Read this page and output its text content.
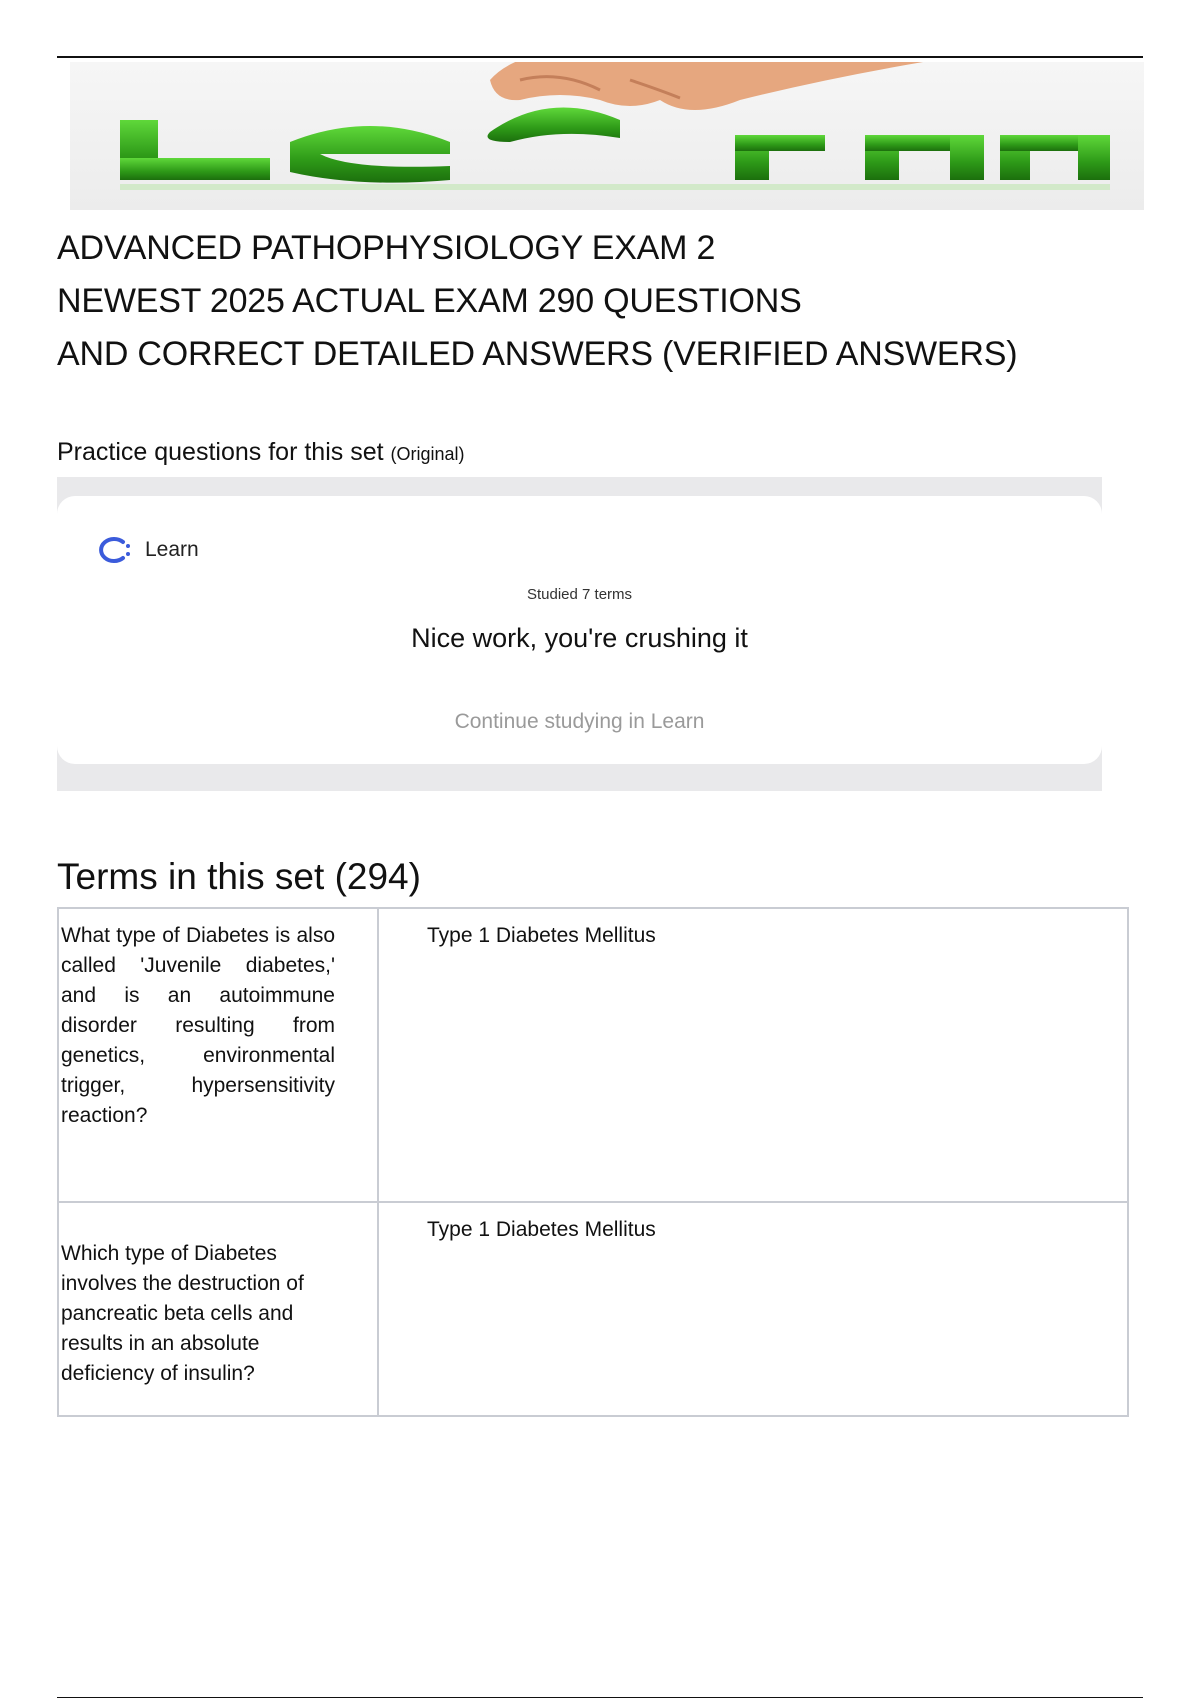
ADVANCED PATHOPHYSIOLOGY EXAM 2
NEWEST 2025 ACTUAL EXAM 290 QUESTIONS
AND CORRECT DETAILED ANSWERS (VERIFIED ANSWERS)
Practice questions for this set (Original)
Learn
Studied 7 terms
Nice work, you're crushing it
Continue studying in Learn
Terms in this set (294)
What type of Diabetes is also called 'Juvenile diabetes,' and is an autoimmune disorder resulting from genetics, environmental trigger, hypersensitivity reaction?	Type 1 Diabetes Mellitus

Which type of Diabetes involves the destruction of pancreatic beta cells and results in an absolute deficiency of insulin?	Type 1 Diabetes Mellitus
